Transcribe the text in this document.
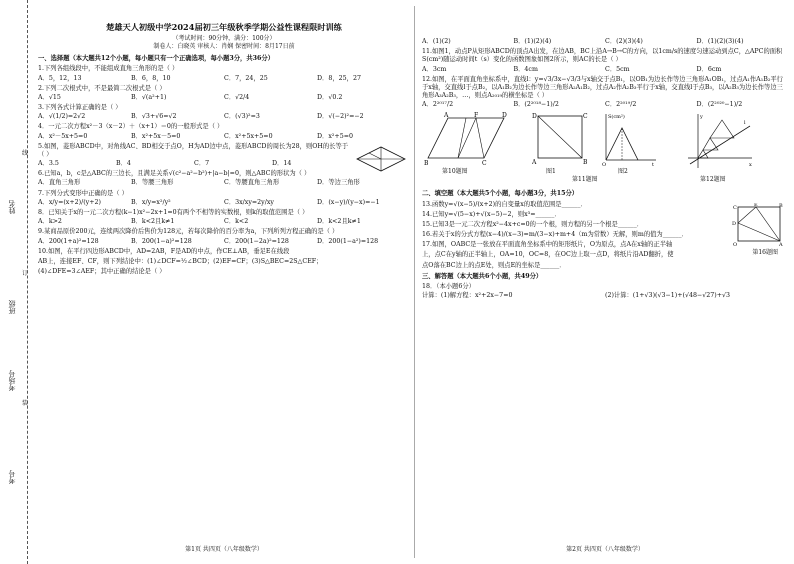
姓名
班级
考场号
考号
线
订
装
楚雄天人初级中学2024届初三年级秋季学期公益性课程限时训练
（考试时间：90分钟，满分：100分）
制卷人：白晓英 审核人：肖娴 保密时间：8月17日前
一、选择题（本大题共12个小题，每小题只有一个正确选项，每小题3分，共36分）
1.下列各组线段中，不能组成直角三角形的是（ ）
A．5，12，13	B．6，8，10	C．7，24，25	D．8，25，27
2.下列二次根式中，不是最简二次根式是（ ）
A．√15	B．√(a²+1)	C．√2/4	D．√0.2
3.下列各式计算正确的是（ ）
A．√(1/2)=2√2	B．√3+√6=√2	C．(√3)²=3	D．√(−2)²=−2
4．一元二次方程x²－3（x－2）＋（x+1）＝0的一般形式是（ ）
A．x²－5x+5=0	B．x²+5x－5=0	C．x²+5x+5=0	D．x²+5=0
5.如图，菱形ABCD中，对角线AC、BD相交于点O，H为AD边中点，菱形ABCD的周长为28，则OH的长等于（ ）
A．3.5	B．4	C．7	D．14
6.已知a，b，c是△ABC的三边长，且满足关系√(c²−a²−b²)+|a−b|=0，则△ABC的形状为（ ）
A．直角三角形	B．等腰三角形	C．等腰直角三角形	D．等边三角形
7.下列分式变形中正确的是（ ）
A．x/y=(x+2)/(y+2)	B．x/y=x²/y²	C．3x/xy=2y/xy	D．(x−y)/(y−x)=−1
8．已知关于x的一元二次方程(k−1)x²−2x+1=0有两个不相等的实数根，则k的取值范围是（ ）
A．k>2	B．k<2且k≠1	C．k<2	D．k<2且k≠1
9.某商品原价200元，连续两次降价后售价为128元，若每次降价的百分率为a，下列所列方程正确的是（ ）
A．200(1+a)²=128	B．200(1−a)²=128	C．200(1−2a)²=128	D．200(1−a²)=128
10.如图，在平行四边形ABCD中，AD=2AB，F是AD的中点，作CE⊥AB，垂足E在线段
AB上，连接EF、CF，则下列结论中：(1)∠DCF=½∠BCD；(2)EF=CF；(3)S△BEC=2S△CEF；
(4)∠DFE=3∠AEF；其中正确的结论是（ ）
第1页 共四页（八年级数学）
A．(1)(2)	B．(1)(2)(4)	C．(2)(3)(4)	D．(1)(2)(3)(4)
11.如图1，动点P从矩形ABCD的顶点A出发，在边AB，BC上沿A→B→C的方向，以1cm/s的速度匀速运动到点C，△APC的面积S(cm²)随运动时间t（s）变化的函数图象如图2所示，则AC的长是（ ）
A．3cm	B．4cm	C．5cm	D．6cm
12.如图，在平面直角坐标系中，直线l：y=√3/3x−√3/3与x轴交于点B₁，以OB₁为边长作等边三角形A₁OB₁，过点A₁作A₁B₂平行于x轴，交直线l于点B₂，以A₁B₂为边长作等边三角形A₂A₁B₂，过点A₂作A₂B₃平行于x轴，交直线l于点B₃，以A₂B₃为边长作等边三角形A₃A₂B₃，…，则点A₂₀₁₉的横坐标是（ ）
A．2²⁰¹⁷/2	B．(2²⁰¹⁸−1)/2	C．2²⁰¹⁹/2	D．(2²⁰²⁰−1)/2
B
A	D
C
F
第10题图
A
D	C
B
图1
S(cm²)
t
O
图2
第11题图
l
x
y
第12题图
二、填空题（本大题共5个小题，每小题3分，共15分）
C
D
O	A
B
E
第16题图
13.函数y=√(x−5)/(x+2)的自变量x的取值范围是______．
14.已知y=√(5−x)+√(x−5)−2，则x³=______．
15.已知3是一元二次方程x²−4x+c=0的一个根，则方程的另一个根是______．
16.若关于x的分式方程(x−4)/(x−3)=m/(3−x)+m+4（m为常数）无解，则m的值为______．
17.如图，OABC是一张放在平面直角坐标系中的矩形纸片，O为原点，点A在x轴的正半轴
上，点C在y轴的正半轴上，OA=10，OC=8，在OC边上取一点D，将纸片沿AD翻折，使
点O落在BC边上的点E处，则点E的坐标是______．
三、解答题（本大题共6个小题，共49分）
18．（本小题6分）
计算：(1)解方程：x²+2x−7=0	(2)计算：(1+√3)(√3−1)+(√48−√27)+√3
第2页 共四页（八年级数学）
